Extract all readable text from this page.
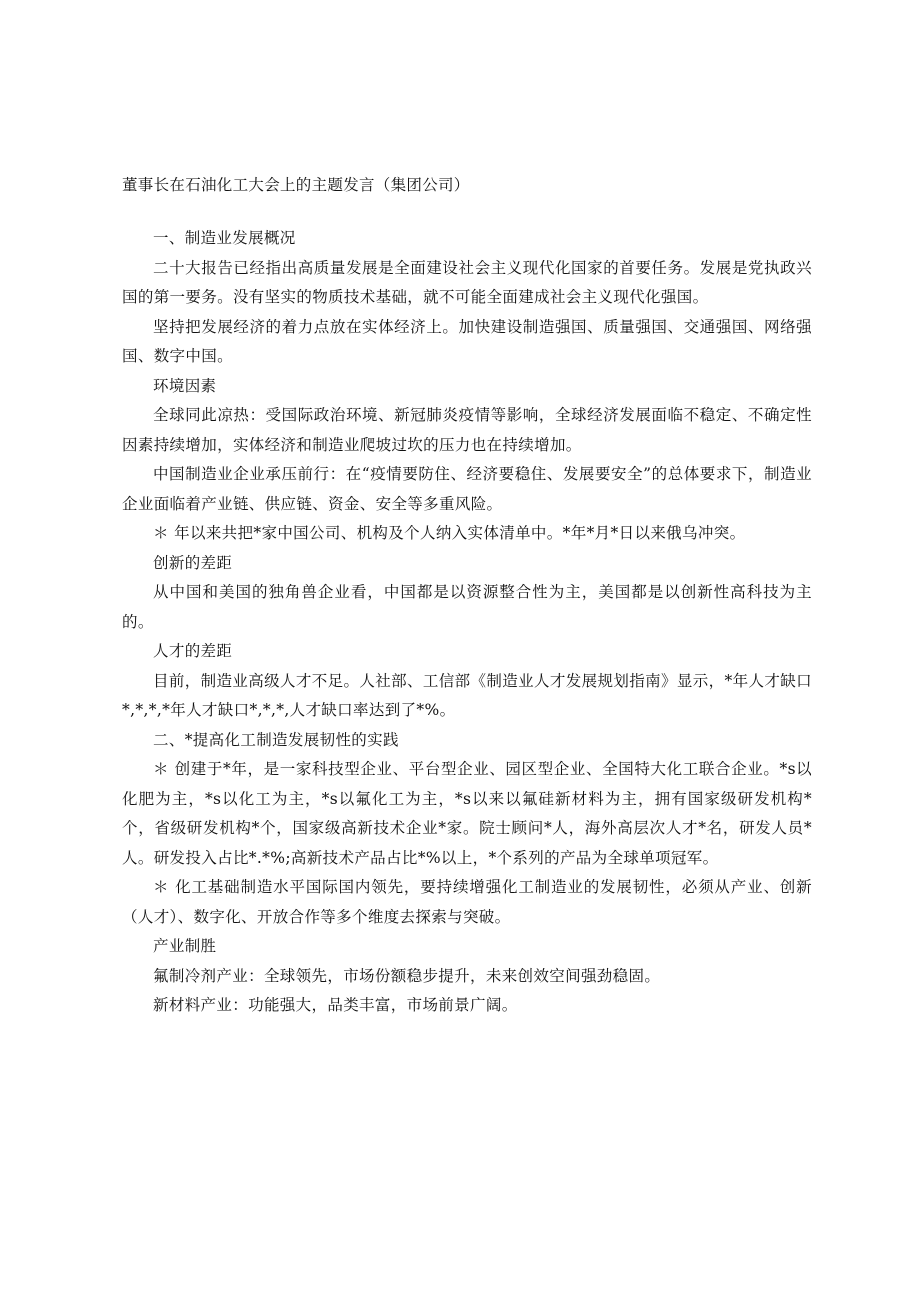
董事长在石油化工大会上的主题发言（集团公司）

一、制造业发展概况

二十大报告已经指出高质量发展是全面建设社会主义现代化国家的首要任务。发展是党执政兴国的第一要务。没有坚实的物质技术基础，就不可能全面建成社会主义现代化强国。

坚持把发展经济的着力点放在实体经济上。加快建设制造强国、质量强国、交通强国、网络强国、数字中国。

环境因素

全球同此凉热：受国际政治环境、新冠肺炎疫情等影响，全球经济发展面临不稳定、不确定性因素持续增加，实体经济和制造业爬坡过坎的压力也在持续增加。

中国制造业企业承压前行：在“疫情要防住、经济要稳住、发展要安全”的总体要求下，制造业企业面临着产业链、供应链、资金、安全等多重风险。

＊ 年以来共把*家中国公司、机构及个人纳入实体清单中。*年*月*日以来俄乌冲突。

创新的差距

从中国和美国的独角兽企业看，中国都是以资源整合性为主，美国都是以创新性高科技为主的。

人才的差距

目前，制造业高级人才不足。人社部、工信部《制造业人才发展规划指南》显示，*年人才缺口*,*,*,*年人才缺口*,*,*,人才缺口率达到了*%。

二、*提高化工制造发展韧性的实践

＊ 创建于*年，是一家科技型企业、平台型企业、园区型企业、全国特大化工联合企业。*s以化肥为主，*s以化工为主，*s以氟化工为主，*s以来以氟硅新材料为主，拥有国家级研发机构*个，省级研发机构*个，国家级高新技术企业*家。院士顾问*人，海外高层次人才*名，研发人员*人。研发投入占比*.*%;高新技术产品占比*%以上，*个系列的产品为全球单项冠军。

＊ 化工基础制造水平国际国内领先，要持续增强化工制造业的发展韧性，必须从产业、创新（人才）、数字化、开放合作等多个维度去探索与突破。

产业制胜

氟制冷剂产业：全球领先，市场份额稳步提升，未来创效空间强劲稳固。

新材料产业：功能强大，品类丰富，市场前景广阔。
